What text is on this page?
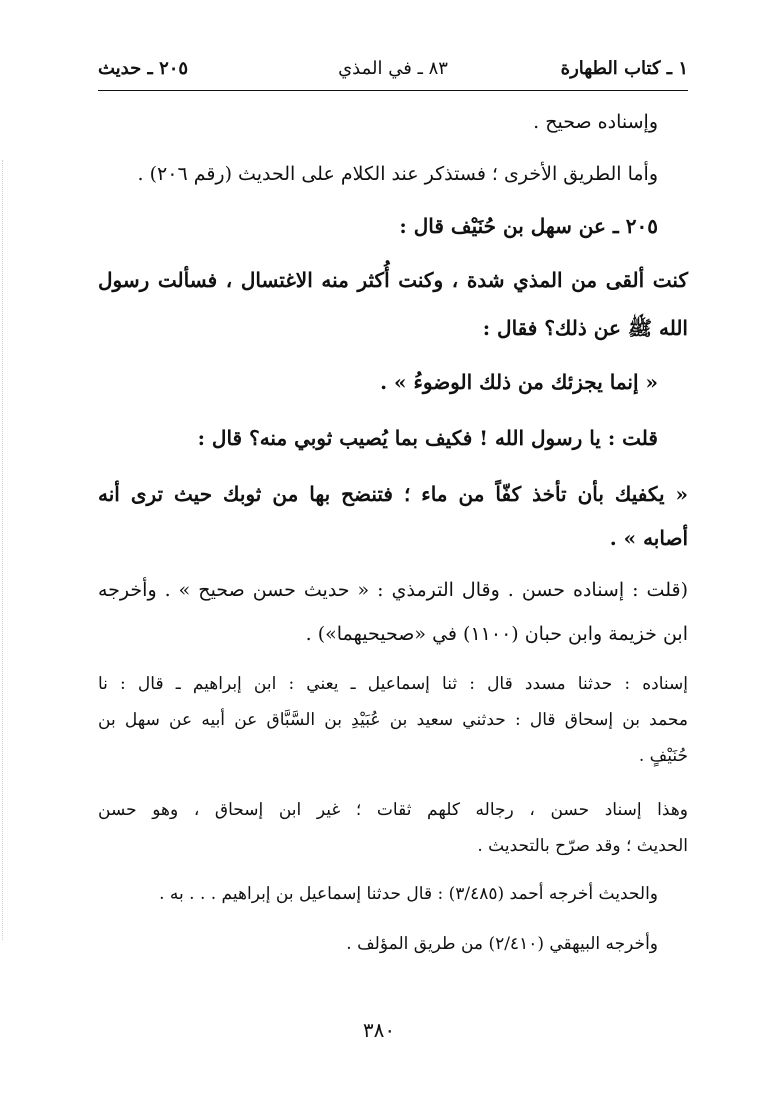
١ ـ كتاب الطهارة
٨٣ ـ في المذي
٢٠٥ ـ حديث
وإسناده صحيح .
وأما الطريق الأخرى ؛ فستذكر عند الكلام على الحديث (رقم ٢٠٦) .
٢٠٥ ـ عن سهل بن حُنَيْف قال :
كنت ألقى من المذي شدة ، وكنت أُكثر منه الاغتسال ، فسألت رسول
الله ﷺ عن ذلك؟ فقال :
« إنما يجزئك من ذلك الوضوءُ » .
قلت : يا رسول الله ! فكيف بما يُصيب ثوبي منه؟ قال :
« يكفيك بأن تأخذ كفّاً من ماء ؛ فتنضح بها من ثوبك حيث ترى أنه
أصابه » .
(قلت : إسناده حسن . وقال الترمذي : « حديث حسن صحيح » . وأخرجه
ابن خزيمة وابن حبان (١١٠٠) في «صحيحيهما») .
إسناده : حدثنا مسدد قال : ثنا إسماعيل ـ يعني : ابن إبراهيم ـ قال : نا
محمد بن إسحاق قال : حدثني سعيد بن عُبَيْدِ بن السَّبَّاق عن أبيه عن سهل بن
حُنَيْفٍ .
وهذا إسناد حسن ، رجاله كلهم ثقات ؛ غير ابن إسحاق ، وهو حسن
الحديث ؛ وقد صرّح بالتحديث .
والحديث أخرجه أحمد (٣/٤٨٥) : قال حدثنا إسماعيل بن إبراهيم . . . به .
وأخرجه البيهقي (٢/٤١٠) من طريق المؤلف .
٣٨٠
